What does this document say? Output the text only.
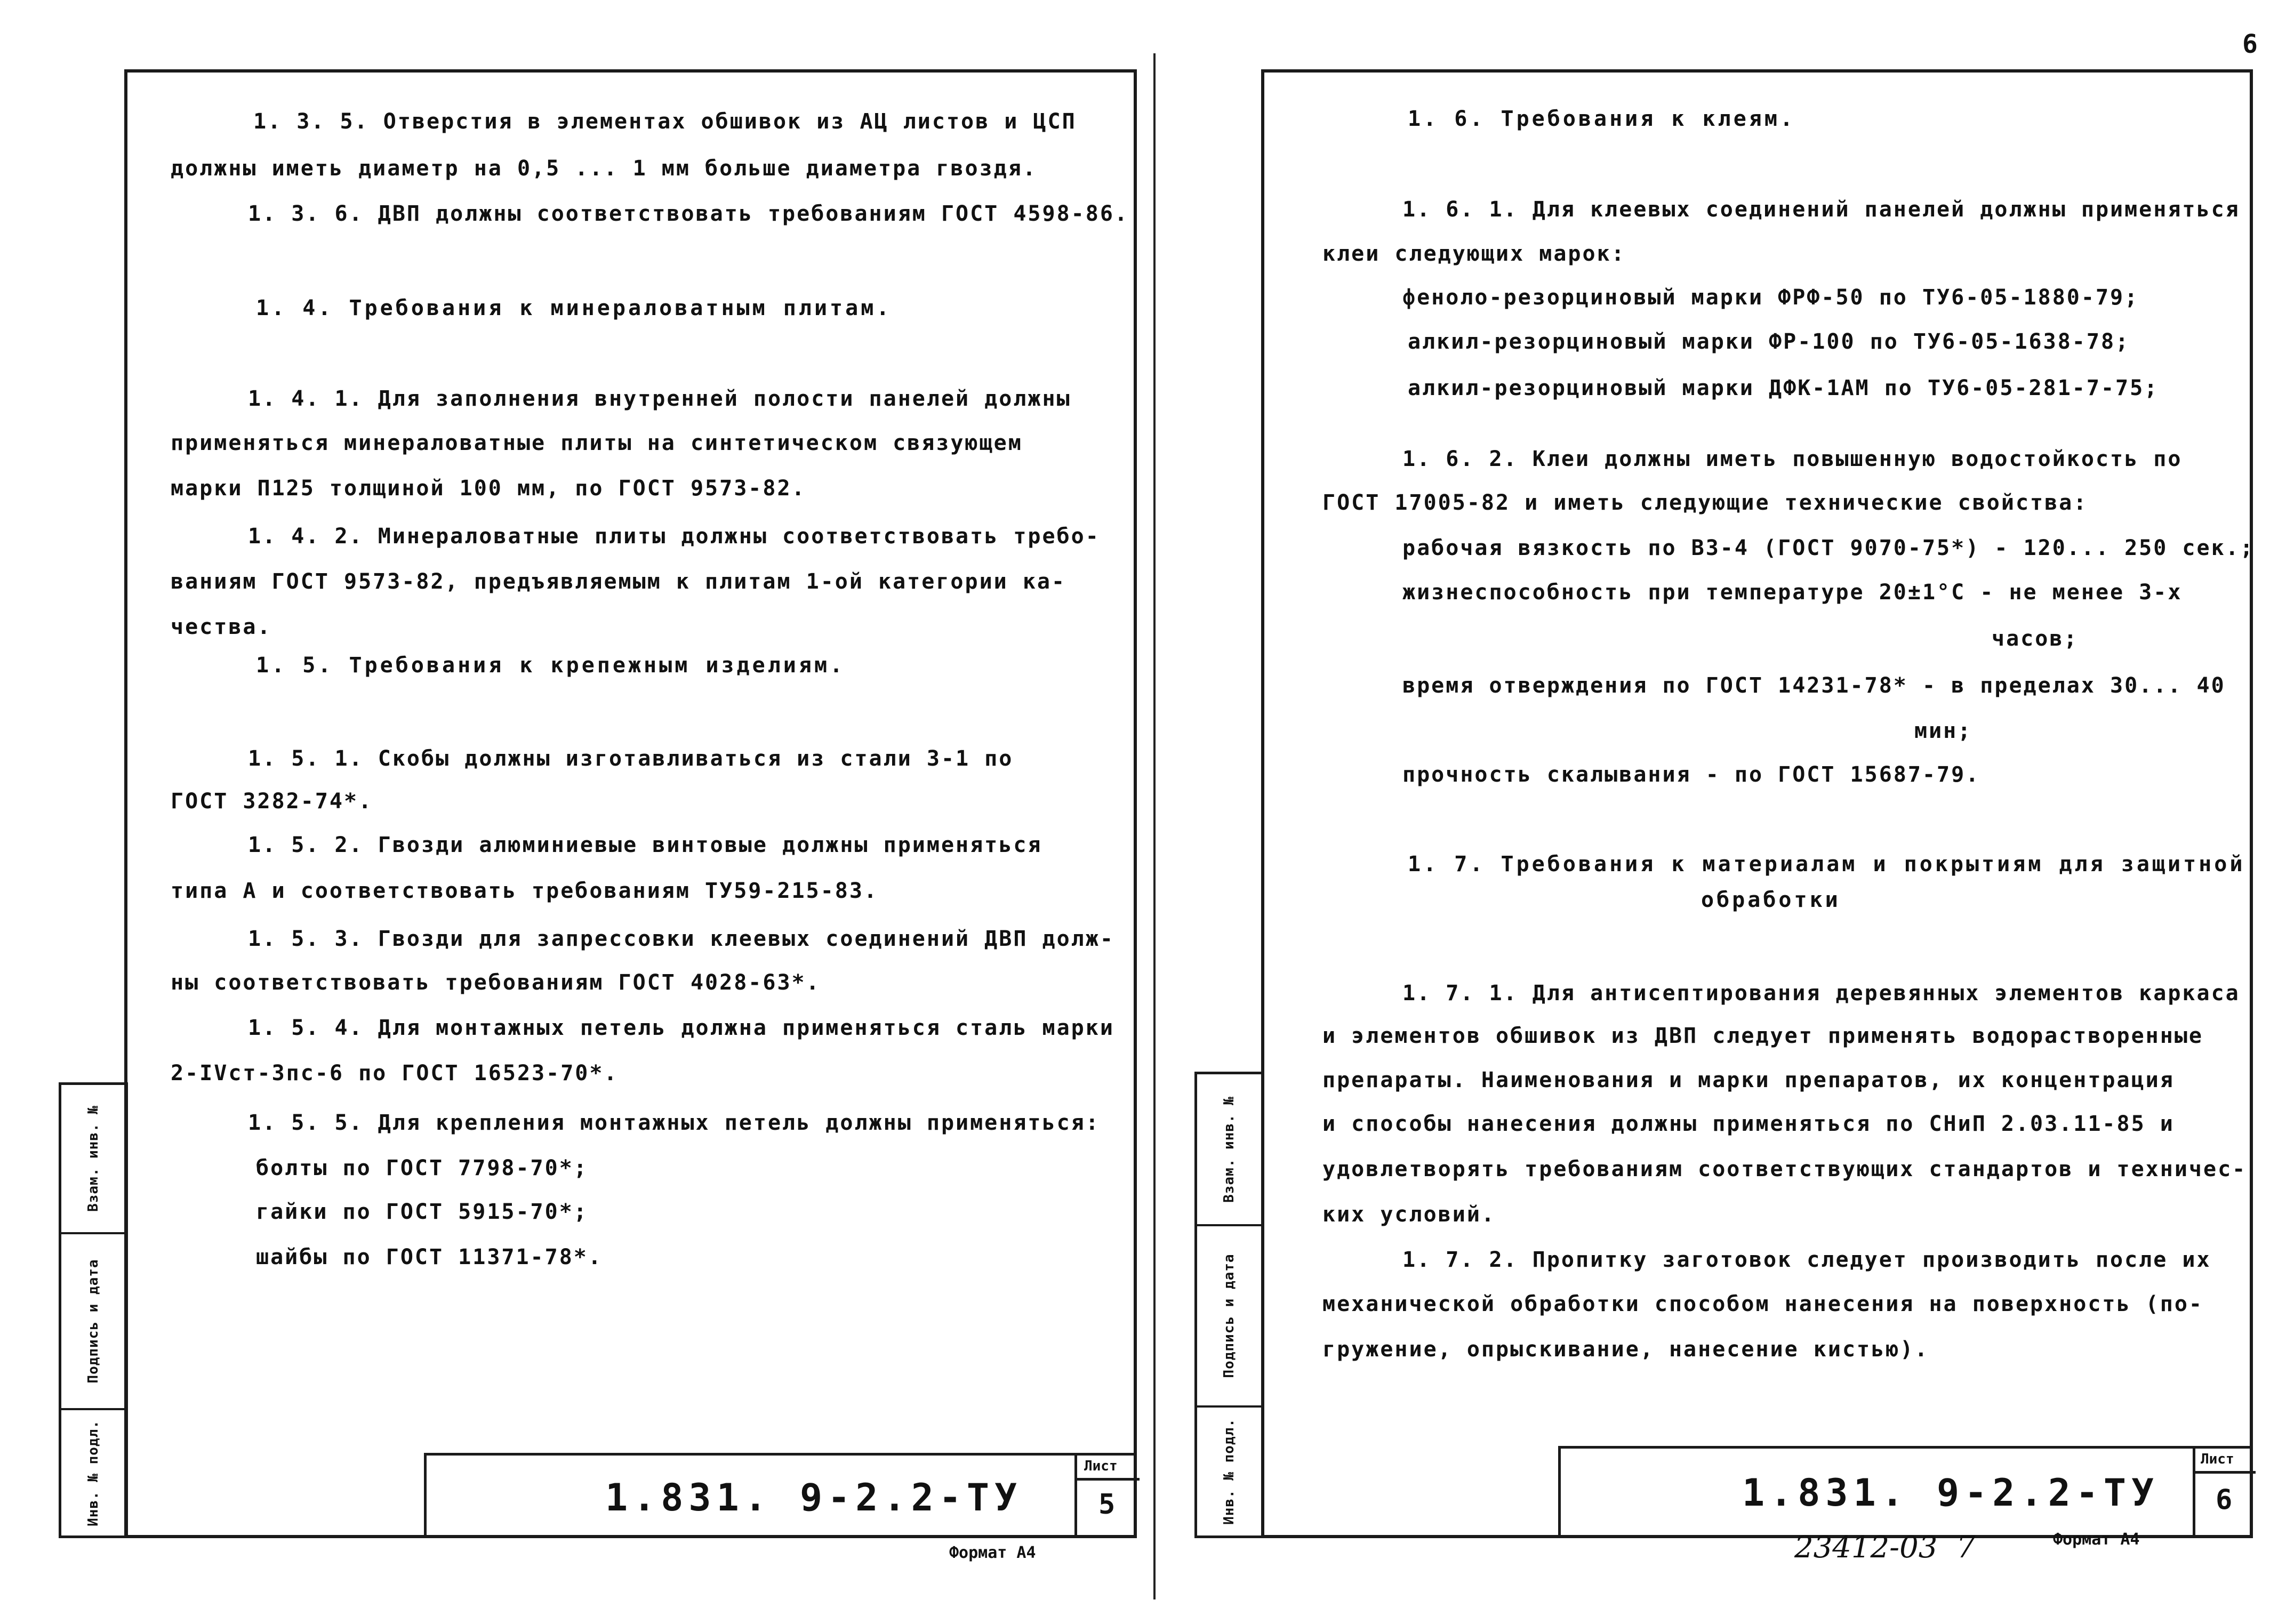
6
1. 3. 5. Отверстия в элементах обшивок из АЦ листов и ЦСП
должны иметь диаметр на 0,5 ... 1 мм больше диаметра гвоздя.
1. 3. 6. ДВП должны соответствовать требованиям ГОСТ 4598-86.
1. 4. Требования к минераловатным плитам.
1. 4. 1. Для заполнения внутренней полости панелей должны
применяться минераловатные плиты на синтетическом связующем
марки П125 толщиной 100 мм, по ГОСТ 9573-82.
1. 4. 2. Минераловатные плиты должны соответствовать требо-
ваниям ГОСТ 9573-82, предъявляемым к плитам 1-ой категории ка-
чества.
1. 5. Требования к крепежным изделиям.
1. 5. 1. Скобы должны изготавливаться из стали 3-1 по
ГОСТ 3282-74*.
1. 5. 2. Гвозди алюминиевые винтовые должны применяться
типа А и соответствовать требованиям ТУ59-215-83.
1. 5. 3. Гвозди для запрессовки клеевых соединений ДВП долж-
ны соответствовать требованиям ГОСТ 4028-63*.
1. 5. 4. Для монтажных петель должна применяться сталь марки
2-IVст-3пс-6 по ГОСТ 16523-70*.
1. 5. 5. Для крепления монтажных петель должны применяться:
болты по ГОСТ 7798-70*;
гайки по ГОСТ 5915-70*;
шайбы по ГОСТ 11371-78*.
Взам. инв. №
Подпись и дата
Инв. № подл.	1.831. 9-2.2-ТУ
Лист
5
Формат А4
1. 6. Требования к клеям.
1. 6. 1. Для клеевых соединений панелей должны применяться
клеи следующих марок:
фенолo-резорциновый марки ФРФ-50 по ТУ6-05-1880-79;
алкил-резорциновый марки ФР-100 по ТУ6-05-1638-78;
алкил-резорциновый марки ДФК-1АМ по ТУ6-05-281-7-75;
1. 6. 2. Клеи должны иметь повышенную водостойкость по
ГОСТ 17005-82 и иметь следующие технические свойства:
рабочая вязкость по ВЗ-4 (ГОСТ 9070-75*) - 120... 250 сек.;
жизнеспособность при температуре 20±1°С - не менее 3-х
часов;
время отверждения по ГОСТ 14231-78* - в пределах 30... 40
мин;
прочность скалывания - по ГОСТ 15687-79.
1. 7. Требования к материалам и покрытиям для защитной
обработки
1. 7. 1. Для антисептирования деревянных элементов каркаса
и элементов обшивок из ДВП следует применять водорастворенные
препараты. Наименования и марки препаратов, их концентрация
и способы нанесения должны применяться по СНиП 2.03.11-85 и
удовлетворять требованиям соответствующих стандартов и техничес-
ких условий.
1. 7. 2. Пропитку заготовок следует производить после их
механической обработки способом нанесения на поверхность (по-
гружение, опрыскивание, нанесение кистью).
Взам. инв. №
Подпись и дата
Инв. № подл.	1.831. 9-2.2-ТУ
Лист
6
23412-03  7	Формат А4
